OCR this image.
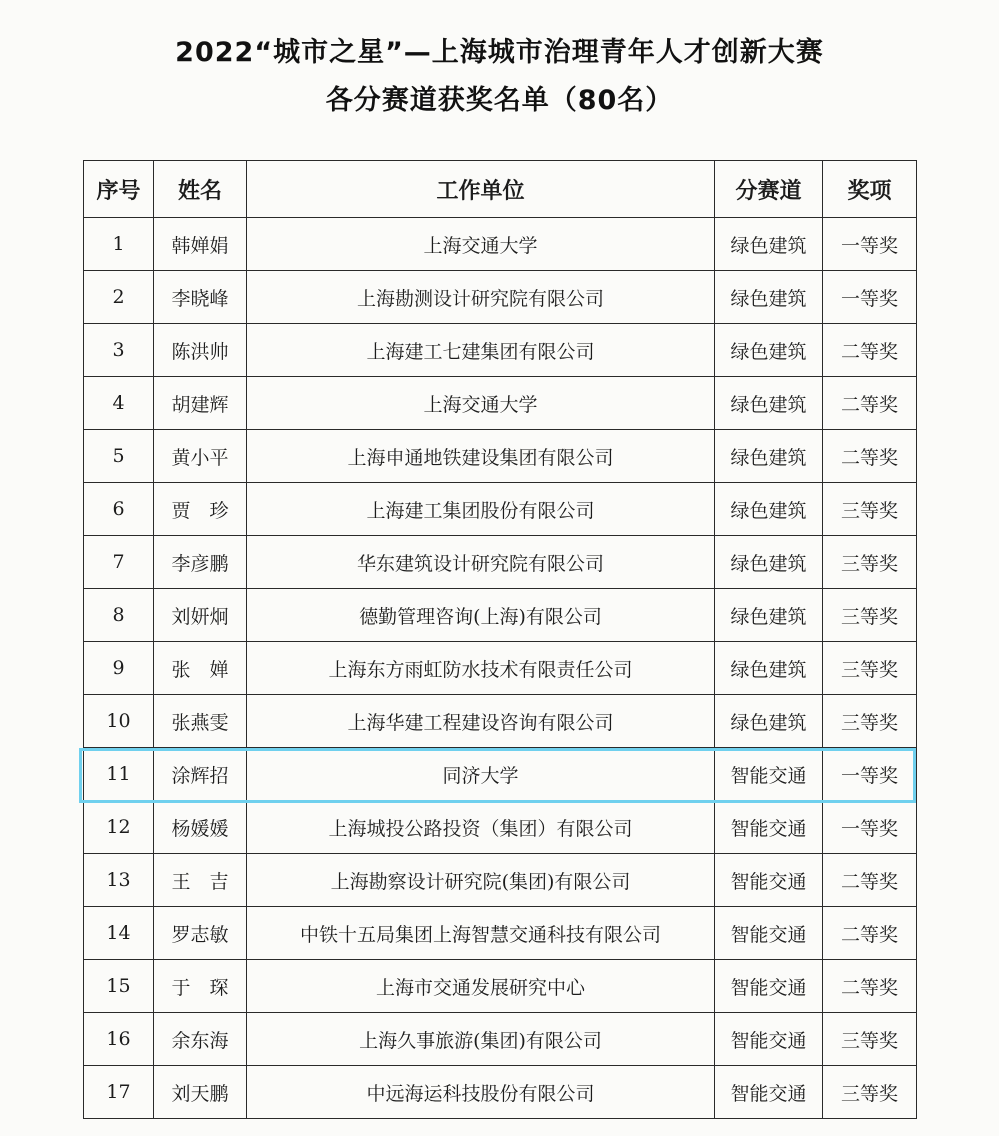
2022“城市之星”—上海城市治理青年人才创新大赛
各分赛道获奖名单（80名）
序号	姓名	工作单位	分赛道	奖项
1	韩婵娟	上海交通大学	绿色建筑	一等奖
2	李晓峰	上海勘测设计研究院有限公司	绿色建筑	一等奖
3	陈洪帅	上海建工七建集团有限公司	绿色建筑	二等奖
4	胡建辉	上海交通大学	绿色建筑	二等奖
5	黄小平	上海申通地铁建设集团有限公司	绿色建筑	二等奖
6	贾　珍	上海建工集团股份有限公司	绿色建筑	三等奖
7	李彦鹏	华东建筑设计研究院有限公司	绿色建筑	三等奖
8	刘妍炯	德勤管理咨询(上海)有限公司	绿色建筑	三等奖
9	张　婵	上海东方雨虹防水技术有限责任公司	绿色建筑	三等奖
10	张燕雯	上海华建工程建设咨询有限公司	绿色建筑	三等奖
11	涂辉招	同济大学	智能交通	一等奖
12	杨媛媛	上海城投公路投资（集团）有限公司	智能交通	一等奖
13	王　吉	上海勘察设计研究院(集团)有限公司	智能交通	二等奖
14	罗志敏	中铁十五局集团上海智慧交通科技有限公司	智能交通	二等奖
15	于　琛	上海市交通发展研究中心	智能交通	二等奖
16	余东海	上海久事旅游(集团)有限公司	智能交通	三等奖
17	刘天鹏	中远海运科技股份有限公司	智能交通	三等奖
